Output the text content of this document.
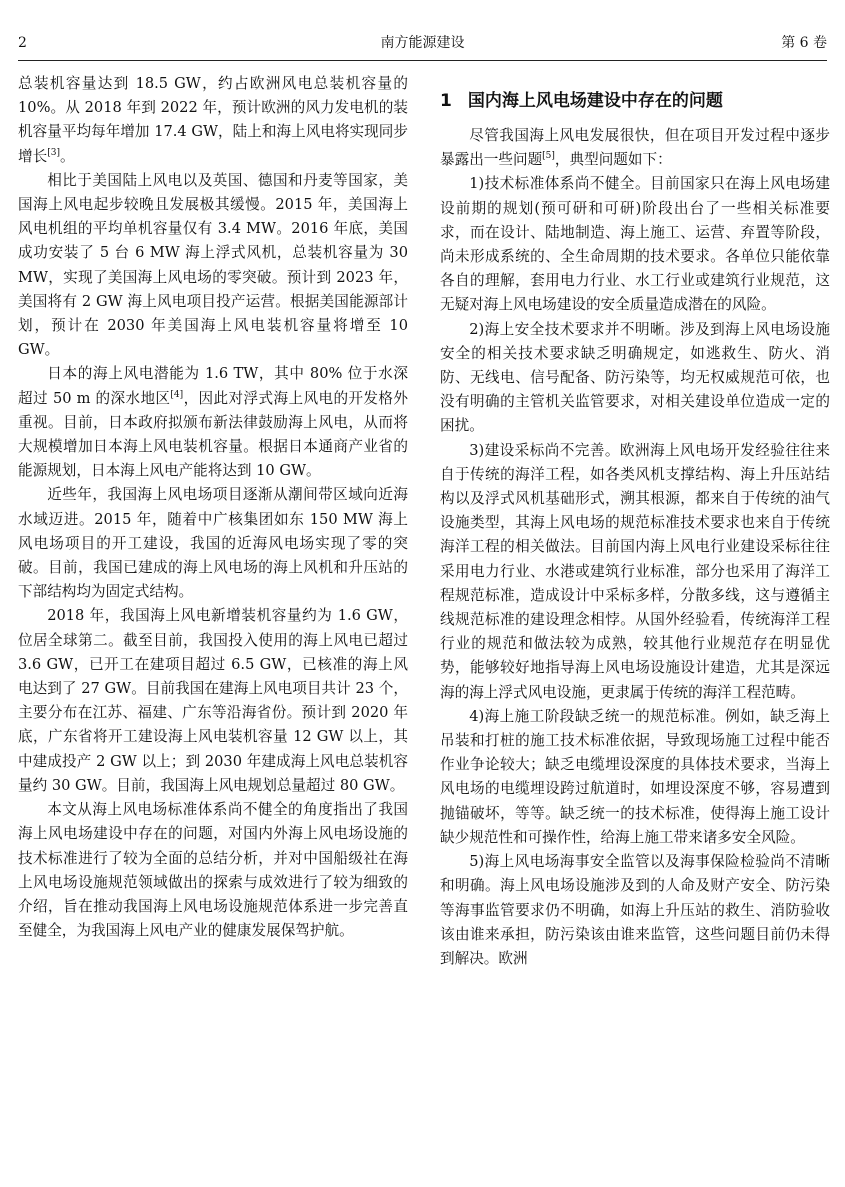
2	南方能源建设	第 6 卷

总装机容量达到 18.5 GW，约占欧洲风电总装机容量的 10%。从 2018 年到 2022 年，预计欧洲的风力发电机的装机容量平均每年增加 17.4 GW，陆上和海上风电将实现同步增长[3]。

相比于美国陆上风电以及英国、德国和丹麦等国家，美国海上风电起步较晚且发展极其缓慢。2015 年，美国海上风电机组的平均单机容量仅有 3.4 MW。2016 年底，美国成功安装了 5 台 6 MW 海上浮式风机，总装机容量为 30 MW，实现了美国海上风电场的零突破。预计到 2023 年，美国将有 2 GW 海上风电项目投产运营。根据美国能源部计划，预计在 2030 年美国海上风电装机容量将增至 10 GW。

日本的海上风电潜能为 1.6 TW，其中 80% 位于水深超过 50 m 的深水地区[4]，因此对浮式海上风电的开发格外重视。目前，日本政府拟颁布新法律鼓励海上风电，从而将大规模增加日本海上风电装机容量。根据日本通商产业省的能源规划，日本海上风电产能将达到 10 GW。

近些年，我国海上风电场项目逐渐从潮间带区域向近海水域迈进。2015 年，随着中广核集团如东 150 MW 海上风电场项目的开工建设，我国的近海风电场实现了零的突破。目前，我国已建成的海上风电场的海上风机和升压站的下部结构均为固定式结构。

2018 年，我国海上风电新增装机容量约为 1.6 GW，位居全球第二。截至目前，我国投入使用的海上风电已超过 3.6 GW，已开工在建项目超过 6.5 GW，已核准的海上风电达到了 27 GW。目前我国在建海上风电项目共计 23 个，主要分布在江苏、福建、广东等沿海省份。预计到 2020 年底，广东省将开工建设海上风电装机容量 12 GW 以上，其中建成投产 2 GW 以上；到 2030 年建成海上风电总装机容量约 30 GW。目前，我国海上风电规划总量超过 80 GW。

本文从海上风电场标准体系尚不健全的角度指出了我国海上风电场建设中存在的问题，对国内外海上风电场设施的技术标准进行了较为全面的总结分析，并对中国船级社在海上风电场设施规范领域做出的探索与成效进行了较为细致的介绍，旨在推动我国海上风电场设施规范体系进一步完善直至健全，为我国海上风电产业的健康发展保驾护航。

1 国内海上风电场建设中存在的问题

尽管我国海上风电发展很快，但在项目开发过程中逐步暴露出一些问题[5]，典型问题如下：

1)技术标准体系尚不健全。目前国家只在海上风电场建设前期的规划(预可研和可研)阶段出台了一些相关标准要求，而在设计、陆地制造、海上施工、运营、弃置等阶段，尚未形成系统的、全生命周期的技术要求。各单位只能依靠各自的理解，套用电力行业、水工行业或建筑行业规范，这无疑对海上风电场建设的安全质量造成潜在的风险。

2)海上安全技术要求并不明晰。涉及到海上风电场设施安全的相关技术要求缺乏明确规定，如逃救生、防火、消防、无线电、信号配备、防污染等，均无权威规范可依，也没有明确的主管机关监管要求，对相关建设单位造成一定的困扰。

3)建设采标尚不完善。欧洲海上风电场开发经验往往来自于传统的海洋工程，如各类风机支撑结构、海上升压站结构以及浮式风机基础形式，溯其根源，都来自于传统的油气设施类型，其海上风电场的规范标准技术要求也来自于传统海洋工程的相关做法。目前国内海上风电行业建设采标往往采用电力行业、水港或建筑行业标准，部分也采用了海洋工程规范标准，造成设计中采标多样，分散多线，这与遵循主线规范标准的建设理念相悖。从国外经验看，传统海洋工程行业的规范和做法较为成熟，较其他行业规范存在明显优势，能够较好地指导海上风电场设施设计建造，尤其是深远海的海上浮式风电设施，更隶属于传统的海洋工程范畴。

4)海上施工阶段缺乏统一的规范标准。例如，缺乏海上吊装和打桩的施工技术标准依据，导致现场施工过程中能否作业争论较大；缺乏电缆埋设深度的具体技术要求，当海上风电场的电缆埋设跨过航道时，如埋设深度不够，容易遭到抛锚破坏，等等。缺乏统一的技术标准，使得海上施工设计缺少规范性和可操作性，给海上施工带来诸多安全风险。

5)海上风电场海事安全监管以及海事保险检验尚不清晰和明确。海上风电场设施涉及到的人命及财产安全、防污染等海事监管要求仍不明确，如海上升压站的救生、消防验收该由谁来承担，防污染该由谁来监管，这些问题目前仍未得到解决。欧洲
